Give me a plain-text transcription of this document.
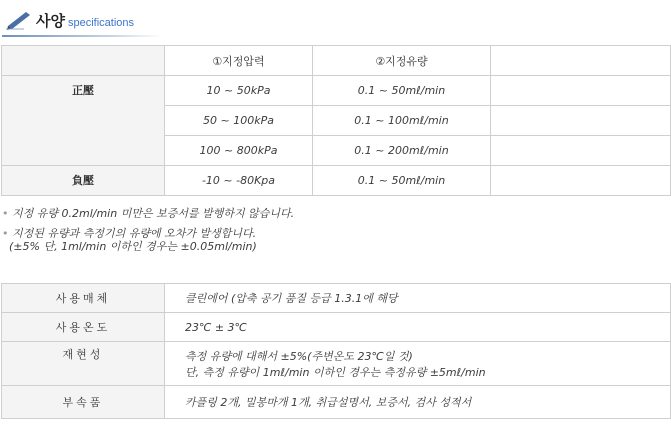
사양 specifications
	①지정압력	②지정유량	
正壓	10 ~ 50kPa	0.1 ~ 50mℓ/min	
	50 ~ 100kPa	0.1 ~ 100mℓ/min	
	100 ~ 800kPa	0.1 ~ 200mℓ/min	
負壓	-10 ~ -80Kpa	0.1 ~ 50mℓ/min	
• 지정 유량 0.2ml/min 미만은 보증서를 발행하지 않습니다.
• 지정된 유량과 측정기의 유량에 오차가 발생합니다.
(±5% 단, 1ml/min 이하인 경우는 ±0.05ml/min)
사용매체	클린에어 (압축 공기 품질 등급 1.3.1에 해당
사용온도	23℃ ± 3℃
재현성	측정 유량에 대해서 ±5%(주변온도 23℃일 것)
단, 측정 유량이 1mℓ/min 이하인 경우는 측정유량 ±5mℓ/min

부속품	카플링 2개, 밀봉마개 1개, 취급설명서, 보증서, 검사 성적서
